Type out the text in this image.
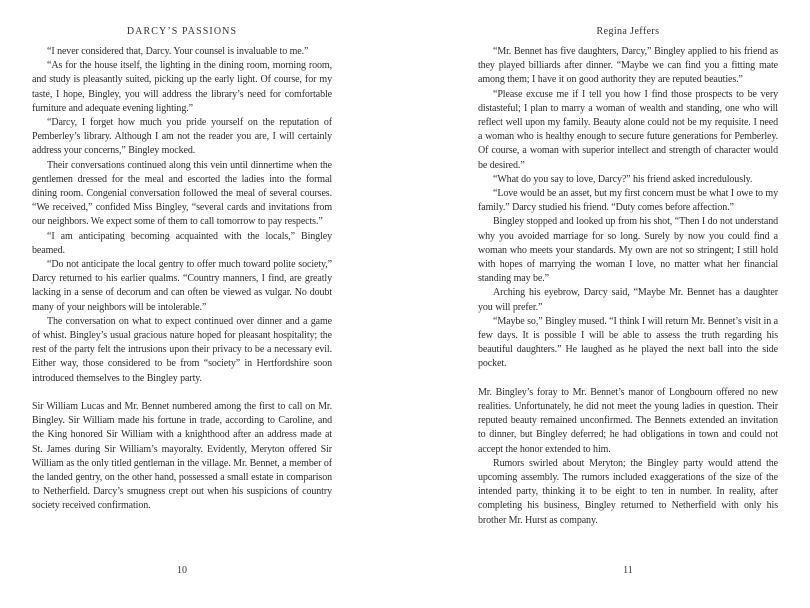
DARCY’S PASSIONS

“I never considered that, Darcy. Your counsel is invaluable to me.”

“As for the house itself, the lighting in the dining room, morning room, and study is pleasantly suited, picking up the early light. Of course, for my taste, I hope, Bingley, you will address the library’s need for comfortable furniture and adequate evening lighting.”

“Darcy, I forget how much you pride yourself on the reputation of Pemberley’s library. Although I am not the reader you are, I will certainly address your concerns,” Bingley mocked.

Their conversations continued along this vein until dinnertime when the gentlemen dressed for the meal and escorted the ladies into the formal dining room. Congenial conversation followed the meal of several courses. “We received,” confided Miss Bingley, “several cards and invitations from our neighbors. We expect some of them to call tomorrow to pay respects.”

“I am anticipating becoming acquainted with the locals,” Bingley beamed.

“Do not anticipate the local gentry to offer much toward polite society,” Darcy returned to his earlier qualms. “Country manners, I find, are greatly lacking in a sense of decorum and can often be viewed as vulgar. No doubt many of your neighbors will be intolerable.”

The conversation on what to expect continued over dinner and a game of whist. Bingley’s usual gracious nature hoped for pleasant hospitality; the rest of the party felt the intrusions upon their privacy to be a necessary evil. Either way, those considered to be from “society” in Hertfordshire soon introduced themselves to the Bingley party.

Sir William Lucas and Mr. Bennet numbered among the first to call on Mr. Bingley. Sir William made his fortune in trade, according to Caroline, and the King honored Sir William with a knighthood after an address made at St. James during Sir William’s mayoralty. Evidently, Meryton offered Sir William as the only titled gentleman in the village. Mr. Bennet, a member of the landed gentry, on the other hand, possessed a small estate in comparison to Netherfield. Darcy’s smugness crept out when his suspicions of country society received confirmation.

10
Regina Jeffers

“Mr. Bennet has five daughters, Darcy,” Bingley applied to his friend as they played billiards after dinner. “Maybe we can find you a fitting mate among them; I have it on good authority they are reputed beauties.”

“Please excuse me if I tell you how I find those prospects to be very distasteful; I plan to marry a woman of wealth and standing, one who will reflect well upon my family. Beauty alone could not be my requisite. I need a woman who is healthy enough to secure future generations for Pemberley. Of course, a woman with superior intellect and strength of character would be desired.”

“What do you say to love, Darcy?” his friend asked incredulously.

“Love would be an asset, but my first concern must be what I owe to my family.” Darcy studied his friend. “Duty comes before affection.”

Bingley stopped and looked up from his shot, “Then I do not understand why you avoided marriage for so long. Surely by now you could find a woman who meets your standards. My own are not so stringent; I still hold with hopes of marrying the woman I love, no matter what her financial standing may be.”

Arching his eyebrow, Darcy said, “Maybe Mr. Bennet has a daughter you will prefer.”

“Maybe so,” Bingley mused. “I think I will return Mr. Bennet’s visit in a few days. It is possible I will be able to assess the truth regarding his beautiful daughters.” He laughed as he played the next ball into the side pocket.

Mr. Bingley’s foray to Mr. Bennet’s manor of Longbourn offered no new realities. Unfortunately, he did not meet the young ladies in question. Their reputed beauty remained unconfirmed. The Bennets extended an invitation to dinner, but Bingley deferred; he had obligations in town and could not accept the honor extended to him.

Rumors swirled about Meryton; the Bingley party would attend the upcoming assembly. The rumors included exaggerations of the size of the intended party, thinking it to be eight to ten in number. In reality, after completing his business, Bingley returned to Netherfield with only his brother Mr. Hurst as company.

11
